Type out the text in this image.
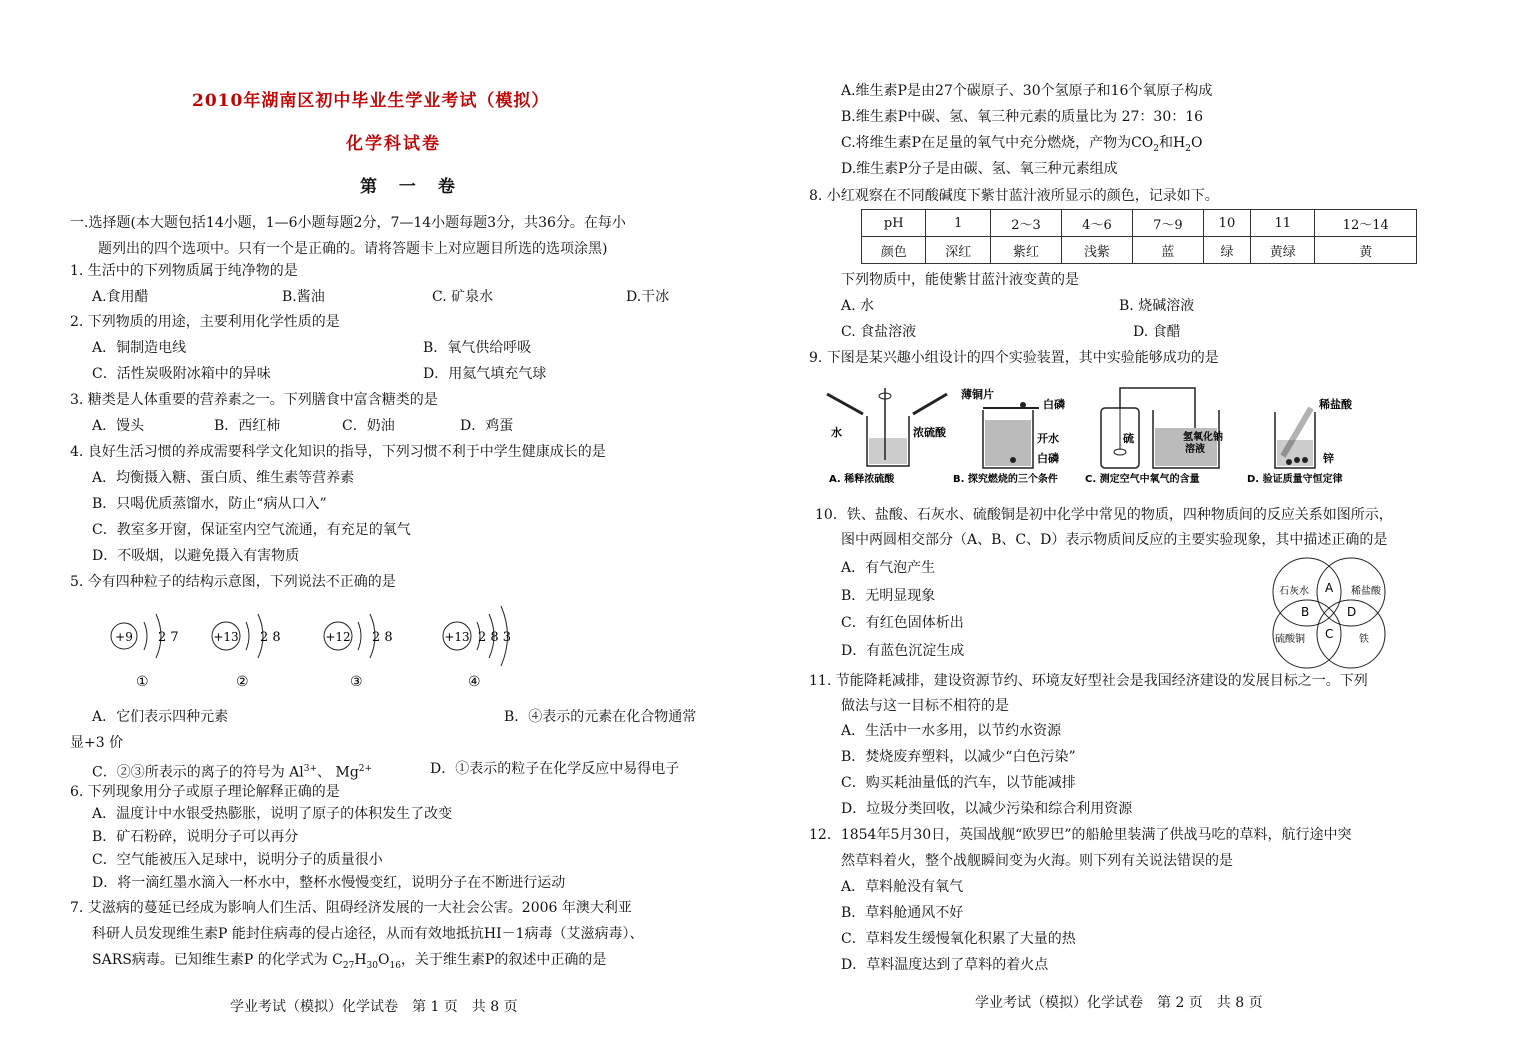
2010年湖南区初中毕业生学业考试（模拟）
化学科试卷
第 一 卷
一.选择题(本大题包括14小题，1—6小题每题2分，7—14小题每题3分，共36分。在每小
题列出的四个选项中。只有一个是正确的。请将答题卡上对应题目所选的选项涂黑)
1. 生活中的下列物质属于纯净物的是
A.食用醋	B.酱油	C. 矿泉水	D.干冰
2. 下列物质的用途，主要利用化学性质的是
A．铜制造电线	B．氧气供给呼吸
C．活性炭吸附冰箱中的异味	D．用氦气填充气球
3. 糖类是人体重要的营养素之一。下列膳食中富含糖类的是
A．馒头	B．西红柿	C．奶油	D．鸡蛋
4. 良好生活习惯的养成需要科学文化知识的指导，下列习惯不利于中学生健康成长的是
A．均衡摄入糖、蛋白质、维生素等营养素
B．只喝优质蒸馏水，防止“病从口入”
C．教室多开窗，保证室内空气流通，有充足的氧气
D．不吸烟，以避免摄入有害物质
5. 今有四种粒子的结构示意图，下列说法不正确的是
+9 2 7
①
+13 2 8
②
+12 2 8
③
+13 2 8 3
④
A．它们表示四种元素	B．④表示的元素在化合物通常
显+3 价
C．②③所表示的离子的符号为 $Al^{3+}$、 $Mg^{2+}$	D．①表示的粒子在化学反应中易得电子
6. 下列现象用分子或原子理论解释正确的是
A．温度计中水银受热膨胀，说明了原子的体积发生了改变
B．矿石粉碎，说明分子可以再分
C．空气能被压入足球中，说明分子的质量很小
D．将一滴红墨水滴入一杯水中，整杯水慢慢变红，说明分子在不断进行运动
7. 艾滋病的蔓延已经成为影响人们生活、阻碍经济发展的一大社会公害。2006 年澳大利亚
科研人员发现维生素P 能封住病毒的侵占途径，从而有效地抵抗HI－1病毒（艾滋病毒）、
SARS病毒。已知维生素P 的化学式为 $C_{27}H_{30}O_{16}$，关于维生素P的叙述中正确的是
学业考试（模拟）化学试卷　第 1 页　共 8 页
A.维生素P是由27个碳原子、30个氢原子和16个氧原子构成
B.维生素P中碳、氢、氧三种元素的质量比为 27：30：16
C.将维生素P在足量的氧气中充分燃烧，产物为$CO_2$和$H_2O$
D.维生素P分子是由碳、氢、氧三种元素组成
8. 小红观察在不同酸碱度下紫甘蓝汁液所显示的颜色，记录如下。
pH	1	2～3	4～6	7～9	10	11	12～14
颜色	深红	紫红	浅紫	蓝	绿	黄绿	黄
下列物质中，能使紫甘蓝汁液变黄的是
A. 水	B. 烧碱溶液
C. 食盐溶液	D. 食醋
9. 下图是某兴趣小组设计的四个实验装置，其中实验能够成功的是
水	浓硫酸
A. 稀释浓硫酸
薄铜片
白磷
开水
白磷
B. 探究燃烧的三个条件
硫	氢氧化钠
溶液
C. 测定空气中氧气的含量
稀盐酸
锌
D. 验证质量守恒定律
10．铁、盐酸、石灰水、硫酸铜是初中化学中常见的物质，四种物质间的反应关系如图所示，
图中两圆相交部分（A、B、C、D）表示物质间反应的主要实验现象，其中描述正确的是
A．有气泡产生
B．无明显现象
C．有红色固体析出
D．有蓝色沉淀生成
石灰水	稀盐酸
硫酸铜	铁
A
B
C
D
11. 节能降耗减排，建设资源节约、环境友好型社会是我国经济建设的发展目标之一。下列
做法与这一目标不相符的是
A．生活中一水多用，以节约水资源
B．焚烧废弃塑料，以减少“白色污染”
C．购买耗油量低的汽车，以节能减排
D．垃圾分类回收，以减少污染和综合利用资源
12．1854年5月30日，英国战舰“欧罗巴”的船舱里装满了供战马吃的草料，航行途中突
然草料着火，整个战舰瞬间变为火海。则下列有关说法错误的是
A．草料舱没有氧气
B．草料舱通风不好
C．草料发生缓慢氧化积累了大量的热
D．草料温度达到了草料的着火点
学业考试（模拟）化学试卷　第 2 页　共 8 页
